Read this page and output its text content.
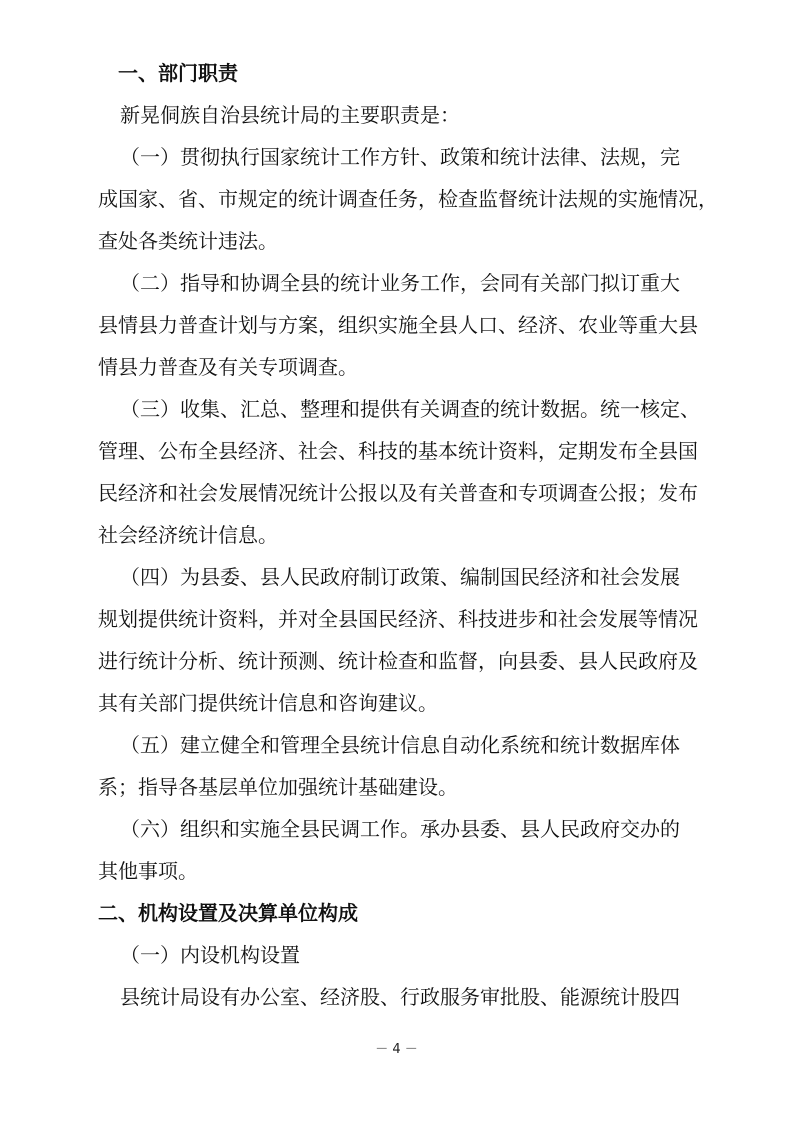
一、部门职责
新晃侗族自治县统计局的主要职责是：
（一）贯彻执行国家统计工作方针、政策和统计法律、法规，完
成国家、省、市规定的统计调查任务，检查监督统计法规的实施情况，
查处各类统计违法。
（二）指导和协调全县的统计业务工作，会同有关部门拟订重大
县情县力普查计划与方案，组织实施全县人口、经济、农业等重大县
情县力普查及有关专项调查。
（三）收集、汇总、整理和提供有关调查的统计数据。统一核定、
管理、公布全县经济、社会、科技的基本统计资料，定期发布全县国
民经济和社会发展情况统计公报以及有关普查和专项调查公报；发布
社会经济统计信息。
（四）为县委、县人民政府制订政策、编制国民经济和社会发展
规划提供统计资料，并对全县国民经济、科技进步和社会发展等情况
进行统计分析、统计预测、统计检查和监督，向县委、县人民政府及
其有关部门提供统计信息和咨询建议。
（五）建立健全和管理全县统计信息自动化系统和统计数据库体
系；指导各基层单位加强统计基础建设。
（六）组织和实施全县民调工作。承办县委、县人民政府交办的
其他事项。
二、机构设置及决算单位构成
（一）内设机构设置
县统计局设有办公室、经济股、行政服务审批股、能源统计股四
－ 4 －
